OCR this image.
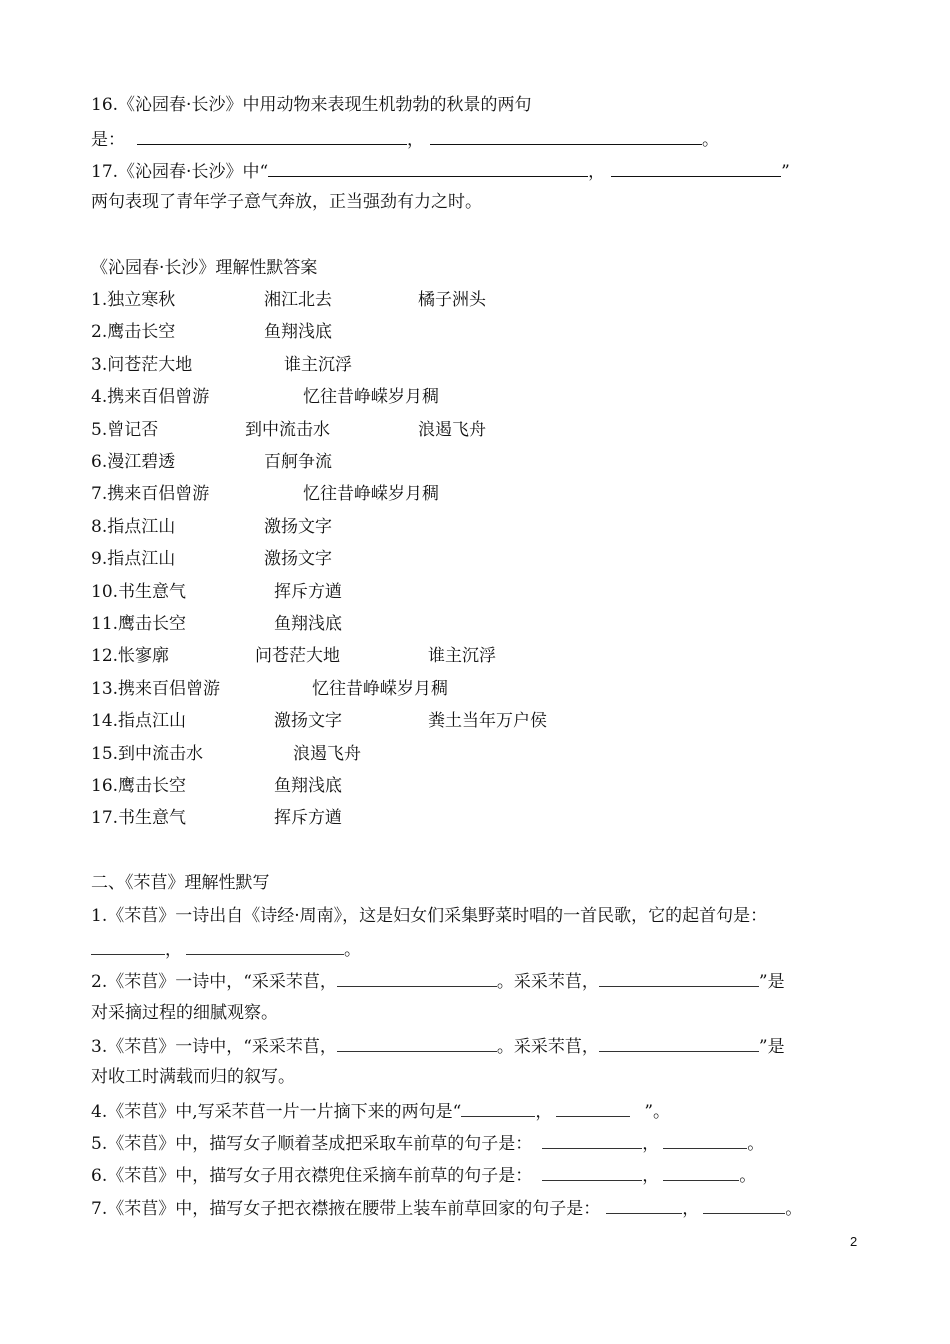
16.《沁园春·长沙》中用动物来表现生机勃勃的秋景的两句
是：	，	。
17.《沁园春·长沙》中“	，	”
两句表现了青年学子意气奔放，正当强劲有力之时。
《沁园春·长沙》理解性默答案
1.独立寒秋	湘江北去	橘子洲头
2.鹰击长空	鱼翔浅底
3.问苍茫大地	谁主沉浮
4.携来百侣曾游	忆往昔峥嵘岁月稠
5.曾记否	到中流击水	浪遏飞舟
6.漫江碧透	百舸争流
7.携来百侣曾游	忆往昔峥嵘岁月稠
8.指点江山	激扬文字
9.指点江山	激扬文字
10.书生意气	挥斥方遒
11.鹰击长空	鱼翔浅底
12.怅寥廓	问苍茫大地	谁主沉浮
13.携来百侣曾游	忆往昔峥嵘岁月稠
14.指点江山	激扬文字	粪土当年万户侯
15.到中流击水	浪遏飞舟
16.鹰击长空	鱼翔浅底
17.书生意气	挥斥方遒
二、《芣苢》理解性默写
1.《芣苢》一诗出自《诗经·周南》，这是妇女们采集野菜时唱的一首民歌，它的起首句是：
，	。
2.《芣苢》一诗中，“采采芣苢，	。采采芣苢，	”是
对采摘过程的细腻观察。
3.《芣苢》一诗中，“采采芣苢，	。采采芣苢，	”是
对收工时满载而归的叙写。
4.《芣苢》中,写采芣苢一片一片摘下来的两句是“	，	”。
5.《芣苢》中，描写女子顺着茎成把采取车前草的句子是：	，	。
6.《芣苢》中，描写女子用衣襟兜住采摘车前草的句子是：	，	。
7.《芣苢》中，描写女子把衣襟掖在腰带上装车前草回家的句子是：	，	。
2
